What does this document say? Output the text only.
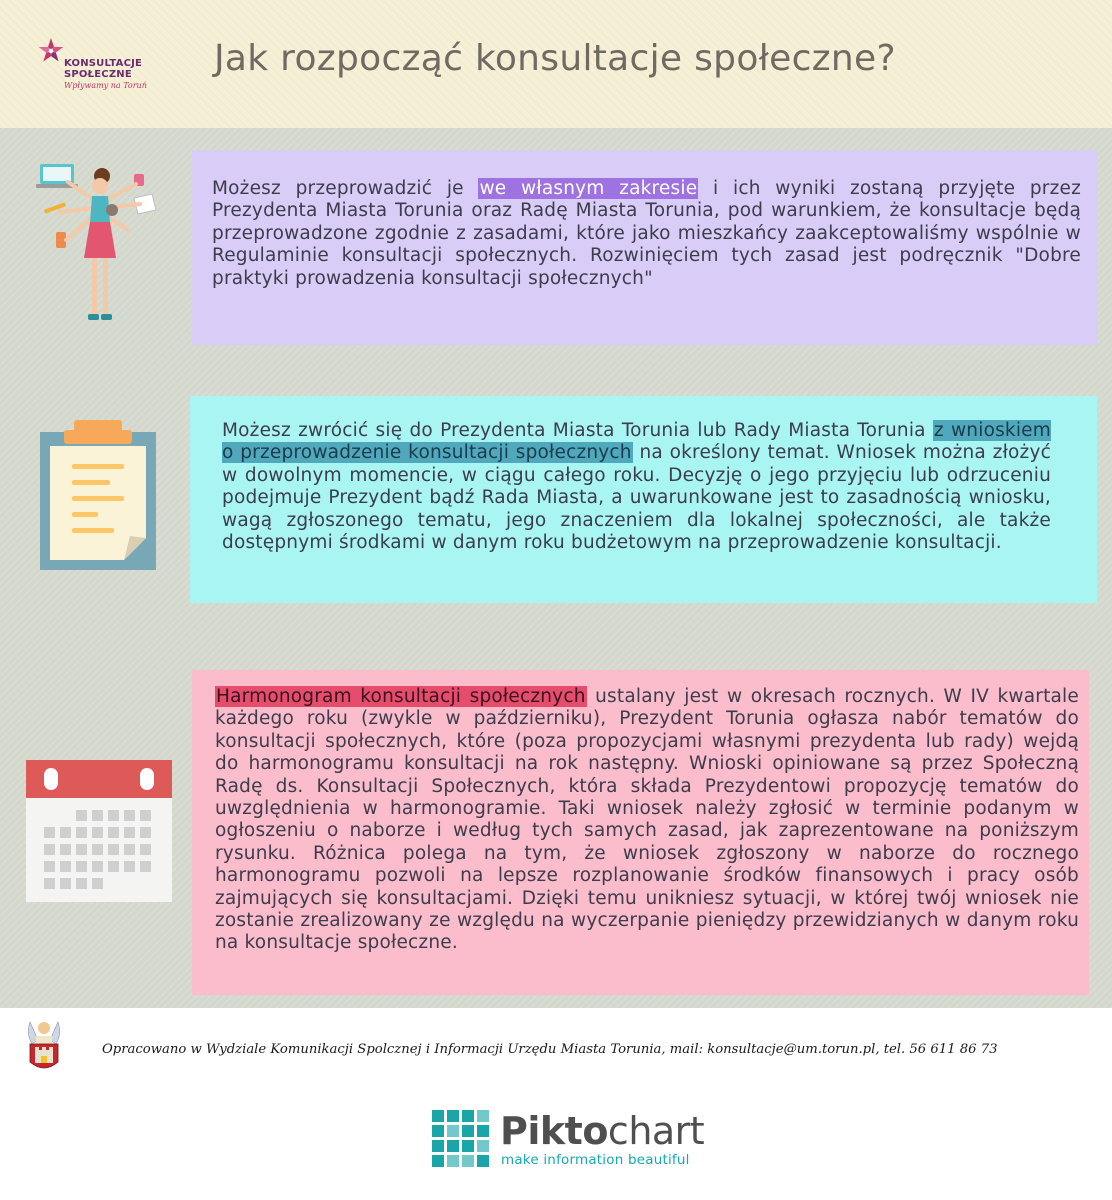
KONSULTACJE
SPOŁECZNE
Wpływamy na Toruń
Jak rozpocząć konsultacje społeczne?
Możesz przeprowadzić je we własnym zakresie i ich wyniki zostaną przyjęte przez Prezydenta Miasta Torunia oraz Radę Miasta Torunia, pod warunkiem, że konsultacje będą przeprowadzone zgodnie z zasadami, które jako mieszkańcy zaakceptowaliśmy wspólnie w Regulaminie konsultacji społecznych. Rozwinięciem tych zasad jest podręcznik "Dobre praktyki prowadzenia konsultacji społecznych"
Możesz zwrócić się do Prezydenta Miasta Torunia lub Rady Miasta Torunia z wnioskiem o przeprowadzenie konsultacji społecznych na określony temat. Wniosek można złożyć w dowolnym momencie, w ciągu całego roku. Decyzję o jego przyjęciu lub odrzuceniu podejmuje Prezydent bądź Rada Miasta, a uwarunkowane jest to zasadnością wniosku, wagą zgłoszonego tematu, jego znaczeniem dla lokalnej społeczności, ale także dostępnymi środkami w danym roku budżetowym na przeprowadzenie konsultacji.
Harmonogram konsultacji społecznych ustalany jest w okresach rocznych. W IV kwartale każdego roku (zwykle w październiku), Prezydent Torunia ogłasza nabór tematów do konsultacji społecznych, które (poza propozycjami własnymi prezydenta lub rady) wejdą do harmonogramu konsultacji na rok następny. Wnioski opiniowane są przez Społeczną Radę ds. Konsultacji Społecznych, która składa Prezydentowi propozycję tematów do uwzględnienia w harmonogramie. Taki wniosek należy zgłosić w terminie podanym w ogłoszeniu o naborze i według tych samych zasad, jak zaprezentowane na poniższym rysunku. Różnica polega na tym, że wniosek zgłoszony w naborze do rocznego harmonogramu pozwoli na lepsze rozplanowanie środków finansowych i pracy osób zajmujących się konsultacjami. Dzięki temu unikniesz sytuacji, w której twój wniosek nie zostanie zrealizowany ze względu na wyczerpanie pieniędzy przewidzianych w danym roku na konsultacje społeczne.
Opracowano w Wydziale Komunikacji Spolcznej i Informacji Urzędu Miasta Torunia, mail: konsultacje@um.torun.pl, tel. 56 611 86 73
Piktochart
make information beautiful
